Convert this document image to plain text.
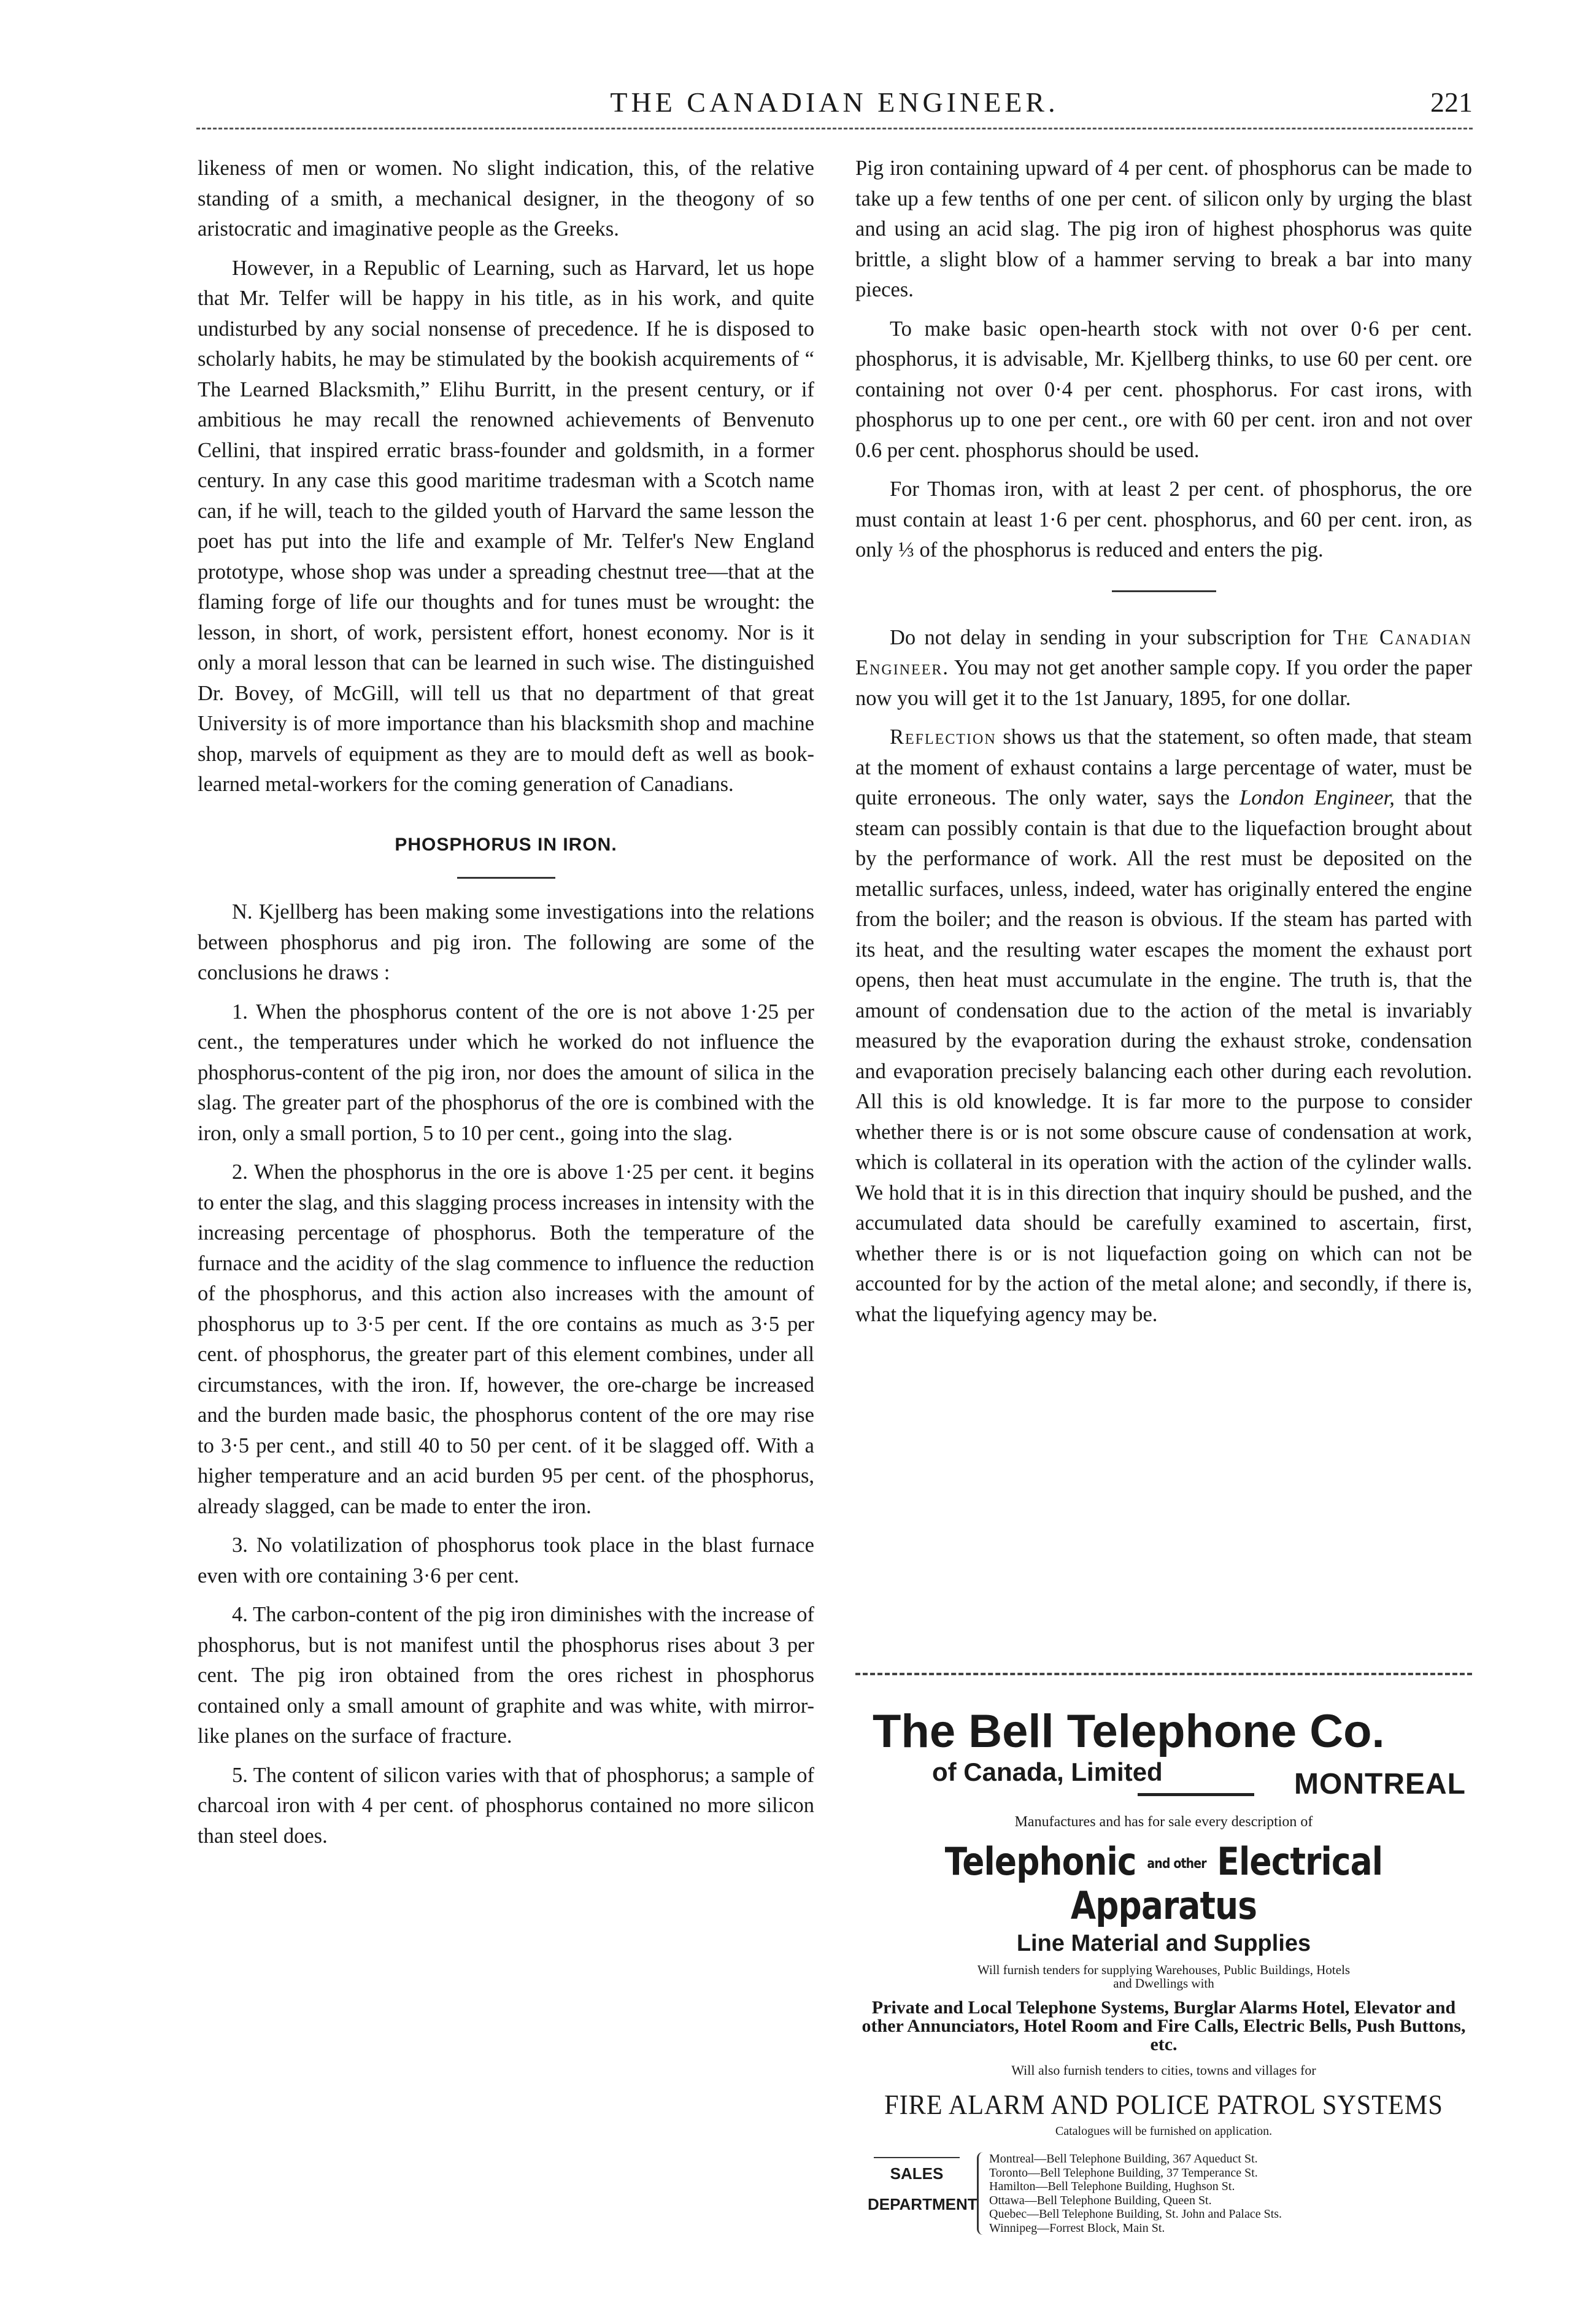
THE CANADIAN ENGINEER.	221

likeness of men or women. No slight indication, this, of the relative standing of a smith, a mechanical designer, in the theogony of so aristocratic and imaginative people as the Greeks.

However, in a Republic of Learning, such as Harvard, let us hope that Mr. Telfer will be happy in his title, as in his work, and quite undisturbed by any social nonsense of precedence. If he is disposed to scholarly habits, he may be stimulated by the bookish acquirements of “ The Learned Blacksmith,” Elihu Burritt, in the present century, or if ambitious he may recall the renowned achievements of Benvenuto Cellini, that inspired erratic brass-founder and goldsmith, in a former century. In any case this good maritime tradesman with a Scotch name can, if he will, teach to the gilded youth of Harvard the same lesson the poet has put into the life and example of Mr. Telfer's New England prototype, whose shop was under a spreading chestnut tree—that at the flaming forge of life our thoughts and for tunes must be wrought: the lesson, in short, of work, persistent effort, honest economy. Nor is it only a moral lesson that can be learned in such wise. The distinguished Dr. Bovey, of McGill, will tell us that no department of that great University is of more importance than his blacksmith shop and machine shop, marvels of equipment as they are to mould deft as well as book-learned metal-workers for the coming generation of Canadians.

PHOSPHORUS IN IRON.

N. Kjellberg has been making some investigations into the relations between phosphorus and pig iron. The following are some of the conclusions he draws :

1. When the phosphorus content of the ore is not above 1·25 per cent., the temperatures under which he worked do not influence the phosphorus-content of the pig iron, nor does the amount of silica in the slag. The greater part of the phosphorus of the ore is combined with the iron, only a small portion, 5 to 10 per cent., going into the slag.

2. When the phosphorus in the ore is above 1·25 per cent. it begins to enter the slag, and this slagging process increases in intensity with the increasing percentage of phosphorus. Both the temperature of the furnace and the acidity of the slag commence to influence the reduction of the phosphorus, and this action also increases with the amount of phosphorus up to 3·5 per cent. If the ore contains as much as 3·5 per cent. of phosphorus, the greater part of this element combines, under all circumstances, with the iron. If, however, the ore-charge be increased and the burden made basic, the phosphorus content of the ore may rise to 3·5 per cent., and still 40 to 50 per cent. of it be slagged off. With a higher temperature and an acid burden 95 per cent. of the phosphorus, already slagged, can be made to enter the iron.

3. No volatilization of phosphorus took place in the blast furnace even with ore containing 3·6 per cent.

4. The carbon-content of the pig iron diminishes with the increase of phosphorus, but is not manifest until the phosphorus rises about 3 per cent. The pig iron obtained from the ores richest in phosphorus contained only a small amount of graphite and was white, with mirror-like planes on the surface of fracture.

5. The content of silicon varies with that of phosphorus; a sample of charcoal iron with 4 per cent. of phosphorus contained no more silicon than steel does.

Pig iron containing upward of 4 per cent. of phosphorus can be made to take up a few tenths of one per cent. of silicon only by urging the blast and using an acid slag. The pig iron of highest phosphorus was quite brittle, a slight blow of a hammer serving to break a bar into many pieces.

To make basic open-hearth stock with not over 0·6 per cent. phosphorus, it is advisable, Mr. Kjellberg thinks, to use 60 per cent. ore containing not over 0·4 per cent. phosphorus. For cast irons, with phosphorus up to one per cent., ore with 60 per cent. iron and not over 0.6 per cent. phosphorus should be used.

For Thomas iron, with at least 2 per cent. of phosphorus, the ore must contain at least 1·6 per cent. phosphorus, and 60 per cent. iron, as only ⅓ of the phosphorus is reduced and enters the pig.

Do not delay in sending in your subscription for The Canadian Engineer. You may not get another sample copy. If you order the paper now you will get it to the 1st January, 1895, for one dollar.

Reflection shows us that the statement, so often made, that steam at the moment of exhaust contains a large percentage of water, must be quite erroneous. The only water, says the London Engineer, that the steam can possibly contain is that due to the liquefaction brought about by the performance of work. All the rest must be deposited on the metallic surfaces, unless, indeed, water has originally entered the engine from the boiler; and the reason is obvious. If the steam has parted with its heat, and the resulting water escapes the moment the exhaust port opens, then heat must accumulate in the engine. The truth is, that the amount of condensation due to the action of the metal is invariably measured by the evaporation during the exhaust stroke, condensation and evaporation precisely balancing each other during each revolution. All this is old knowledge. It is far more to the purpose to consider whether there is or is not some obscure cause of condensation at work, which is collateral in its operation with the action of the cylinder walls. We hold that it is in this direction that inquiry should be pushed, and the accumulated data should be carefully examined to ascertain, first, whether there is or is not liquefaction going on which can not be accounted for by the action of the metal alone; and secondly, if there is, what the liquefying agency may be.

The Bell Telephone Co.
of Canada, Limited	MONTREAL
Manufactures and has for sale every description of
Telephonic and other Electrical Apparatus
Line Material and Supplies
Will furnish tenders for supplying Warehouses, Public Buildings, Hotels and Dwellings with
Private and Local Telephone Systems, Burglar Alarms Hotel, Elevator and other Annunciators, Hotel Room and Fire Calls, Electric Bells, Push Buttons, etc.
Will also furnish tenders to cities, towns and villages for
FIRE ALARM AND POLICE PATROL SYSTEMS
Catalogues will be furnished on application.
SALES
DEPARTMENT
Montreal—Bell Telephone Building, 367 Aqueduct St.
Toronto—Bell Telephone Building, 37 Temperance St.
Hamilton—Bell Telephone Building, Hughson St.
Ottawa—Bell Telephone Building, Queen St.
Quebec—Bell Telephone Building, St. John and Palace Sts.
Winnipeg—Forrest Block, Main St.
